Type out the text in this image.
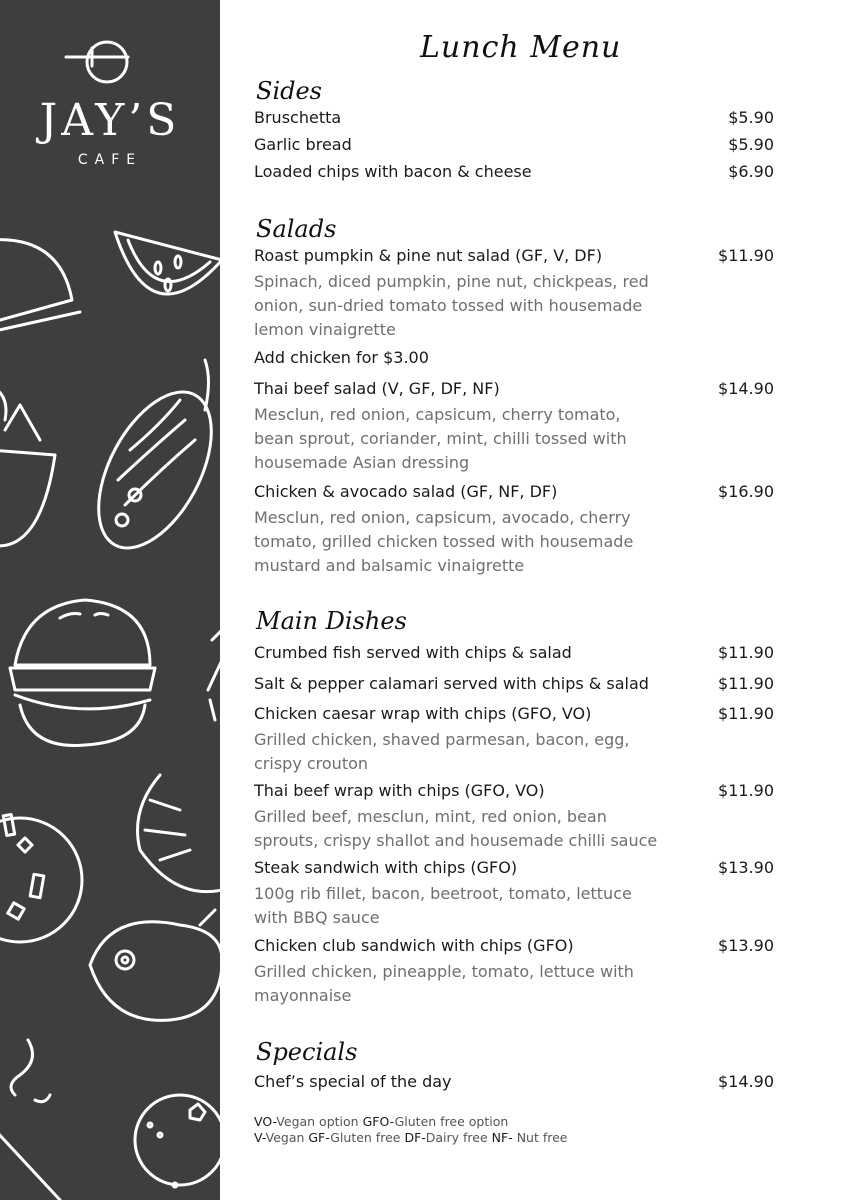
JAY’S
CAFE
Lunch Menu
Sides
Bruschetta	$5.90
Garlic bread	$5.90
Loaded chips with bacon & cheese	$6.90
Salads
Roast pumpkin & pine nut salad (GF, V, DF)	$11.90
Spinach, diced pumpkin, pine nut, chickpeas, red onion, sun-dried tomato tossed with housemade lemon vinaigrette
Add chicken for $3.00
Thai beef salad (V, GF, DF, NF)	$14.90
Mesclun, red onion, capsicum, cherry tomato, bean sprout, coriander, mint, chilli tossed with housemade Asian dressing
Chicken & avocado salad (GF, NF, DF)	$16.90
Mesclun, red onion, capsicum, avocado, cherry tomato, grilled chicken tossed with housemade mustard and balsamic vinaigrette
Main Dishes
Crumbed fish served with chips & salad	$11.90
Salt & pepper calamari served with chips & salad	$11.90
Chicken caesar wrap with chips (GFO, VO)	$11.90
Grilled chicken, shaved parmesan, bacon, egg, crispy crouton
Thai beef wrap with chips (GFO, VO)	$11.90
Grilled beef, mesclun, mint, red onion, bean sprouts, crispy shallot and housemade chilli sauce
Steak sandwich with chips (GFO)	$13.90
100g rib fillet, bacon, beetroot, tomato, lettuce with BBQ sauce
Chicken club sandwich with chips (GFO)	$13.90
Grilled chicken, pineapple, tomato, lettuce with mayonnaise
Specials
Chef’s special of the day	$14.90
VO-Vegan option GFO-Gluten free option
V-Vegan GF-Gluten free DF-Dairy free NF- Nut free
